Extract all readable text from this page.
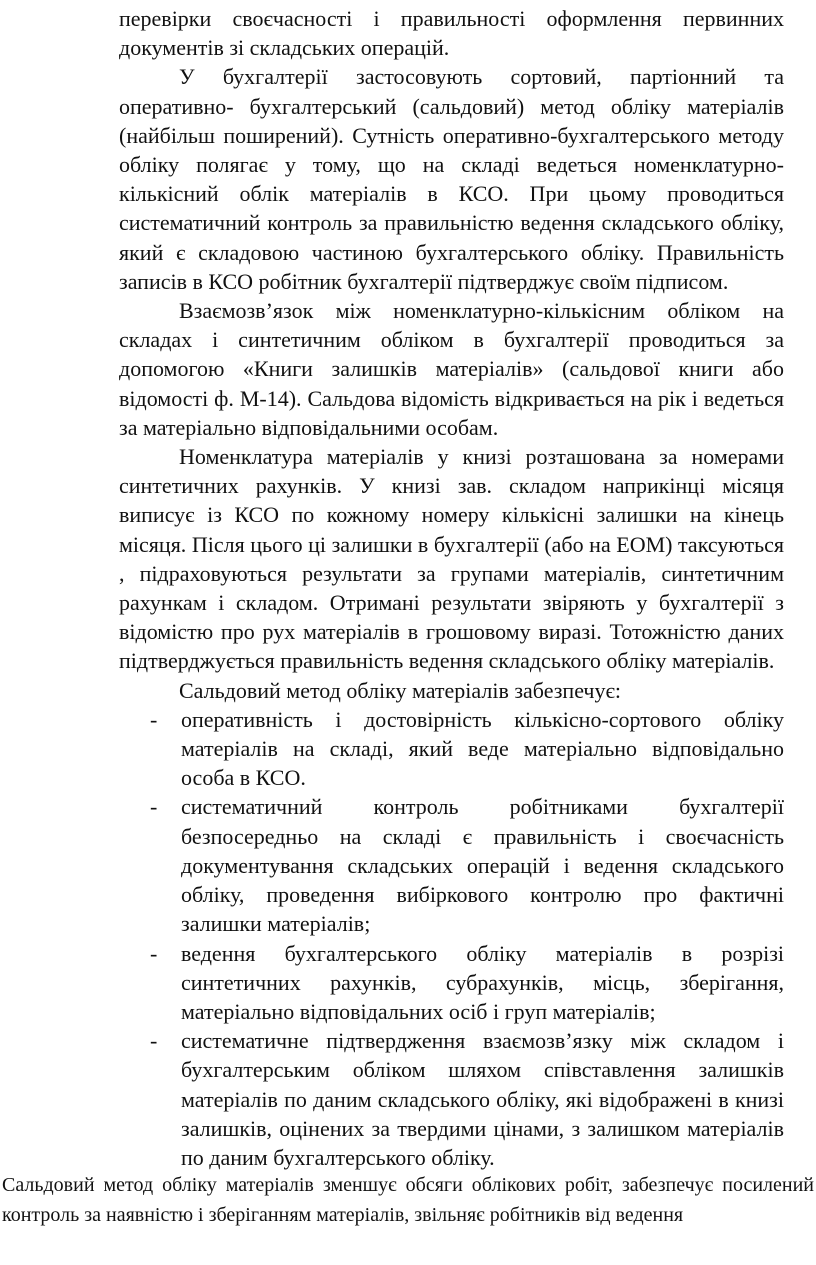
перевірки своєчасності і правильності оформлення первинних документів зі складських операцій.

У бухгалтерії застосовують сортовий, партіонний та оперативно- бухгалтерський (сальдовий) метод обліку матеріалів (найбільш поширений). Сутність оперативно-бухгалтерського методу обліку полягає у тому, що на складі ведеться номенклатурно-кількісний облік матеріалів в КСО. При цьому проводиться систематичний контроль за правильністю ведення складського обліку, який є складовою частиною бухгалтерського обліку. Правильність записів в КСО робітник бухгалтерії підтверджує своїм підписом.

Взаємозв’язок між номенклатурно-кількісним обліком на складах і синтетичним обліком в бухгалтерії проводиться за допомогою «Книги залишків матеріалів» (сальдової книги або відомості ф. М-14). Сальдова відомість відкривається на рік і ведеться за матеріально відповідальними особам.

Номенклатура матеріалів у книзі розташована за номерами синтетичних рахунків. У книзі зав. складом наприкінці місяця виписує із КСО по кожному номеру кількісні залишки на кінець місяця. Після цього ці залишки в бухгалтерії (або на ЕОМ) таксуються , підраховуються результати за групами матеріалів, синтетичним рахункам і складом. Отримані результати звіряють у бухгалтерії з відомістю про рух матеріалів в грошовому виразі. Тотожністю даних підтверджується правильність ведення складського обліку матеріалів.

Сальдовий метод обліку матеріалів забезпечує:

- оперативність і достовірність кількісно-сортового обліку матеріалів на складі, який веде матеріально відповідально особа в КСО.
- систематичний контроль робітниками бухгалтерії безпосередньо на складі є правильність і своєчасність документування складських операцій і ведення складського обліку, проведення вибіркового контролю про фактичні залишки матеріалів;
- ведення бухгалтерського обліку матеріалів в розрізі синтетичних рахунків, субрахунків, місць, зберігання, матеріально відповідальних осіб і груп матеріалів;
- систематичне підтвердження взаємозв’язку між складом і бухгалтерським обліком шляхом співставлення залишків матеріалів по даним складського обліку, які відображені в книзі залишків, оцінених за твердими цінами, з залишком матеріалів по даним бухгалтерського обліку.

Сальдовий метод обліку матеріалів зменшує обсяги облікових робіт, забезпечує посилений контроль за наявністю і зберіганням матеріалів, звільняє робітників від ведення
